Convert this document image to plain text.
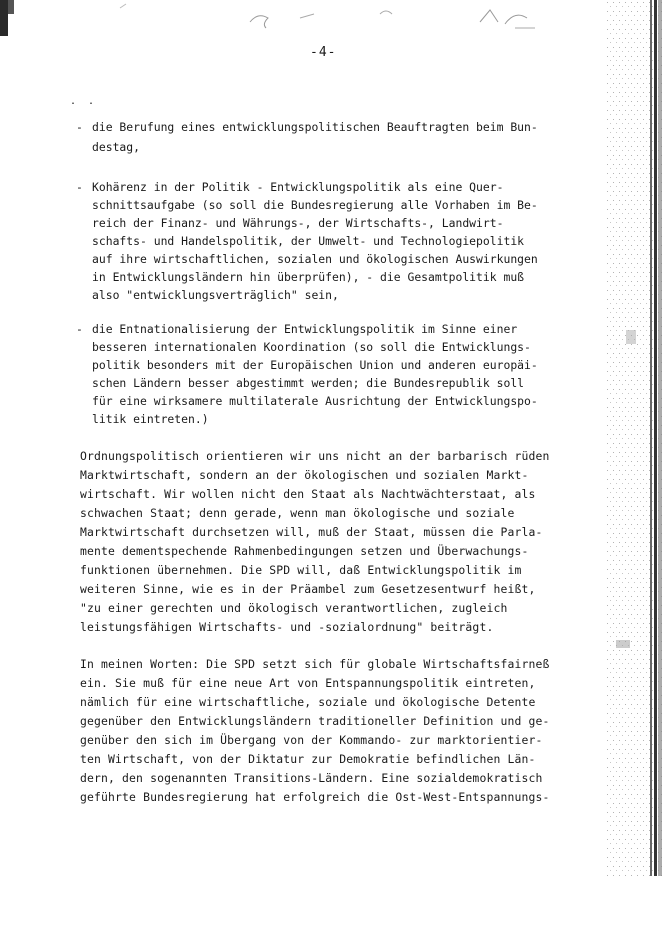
-4-
. .

-

die Berufung eines entwicklungspolitischen Beauftragten beim Bun-

destag,

-

Kohärenz in der Politik - Entwicklungspolitik als eine Quer-

schnittsaufgabe (so soll die Bundesregierung alle Vorhaben im Be-

reich der Finanz- und Währungs-, der Wirtschafts-, Landwirt-

schafts- und Handelspolitik, der Umwelt- und Technologiepolitik

auf ihre wirtschaftlichen, sozialen und ökologischen Auswirkungen

in Entwicklungsländern hin überprüfen), - die Gesamtpolitik muß

also "entwicklungsverträglich" sein,

-

die Entnationalisierung der Entwicklungspolitik im Sinne einer

besseren internationalen Koordination (so soll die Entwicklungs-

politik besonders mit der Europäischen Union und anderen europäi-

schen Ländern besser abgestimmt werden; die Bundesrepublik soll

für eine wirksamere multilaterale Ausrichtung der Entwicklungspo-

litik eintreten.)

Ordnungspolitisch orientieren wir uns nicht an der barbarisch rüden

Marktwirtschaft, sondern an der ökologischen und sozialen Markt-

wirtschaft. Wir wollen nicht den Staat als Nachtwächterstaat, als

schwachen Staat; denn gerade, wenn man ökologische und soziale

Marktwirtschaft durchsetzen will, muß der Staat, müssen die Parla-

mente dementspechende Rahmenbedingungen setzen und Überwachungs-

funktionen übernehmen. Die SPD will, daß Entwicklungspolitik im

weiteren Sinne, wie es in der Präambel zum Gesetzesentwurf heißt,

"zu einer gerechten und ökologisch verantwortlichen, zugleich

leistungsfähigen Wirtschafts- und -sozialordnung" beiträgt.

In meinen Worten: Die SPD setzt sich für globale Wirtschaftsfairneß

ein. Sie muß für eine neue Art von Entspannungspolitik eintreten,

nämlich für eine wirtschaftliche, soziale und ökologische Detente

gegenüber den Entwicklungsländern traditioneller Definition und ge-

genüber den sich im Übergang von der Kommando- zur marktorientier-

ten Wirtschaft, von der Diktatur zur Demokratie befindlichen Län-

dern, den sogenannten Transitions-Ländern. Eine sozialdemokratisch

geführte Bundesregierung hat erfolgreich die Ost-West-Entspannungs-
